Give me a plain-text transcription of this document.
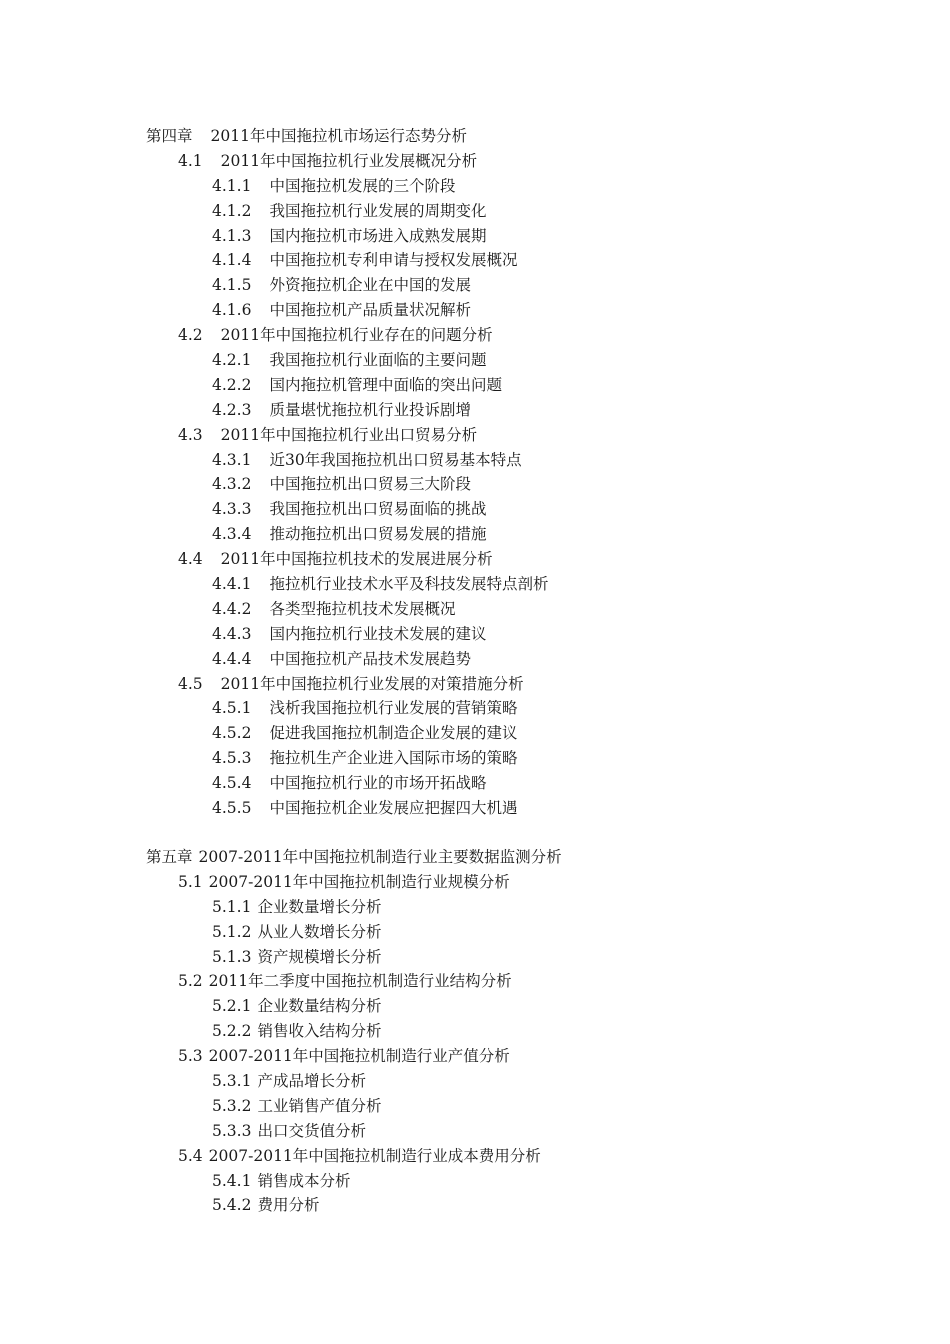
第四章 2011年中国拖拉机市场运行态势分析
4.1 2011年中国拖拉机行业发展概况分析
4.1.1 中国拖拉机发展的三个阶段
4.1.2 我国拖拉机行业发展的周期变化
4.1.3 国内拖拉机市场进入成熟发展期
4.1.4 中国拖拉机专利申请与授权发展概况
4.1.5 外资拖拉机企业在中国的发展
4.1.6 中国拖拉机产品质量状况解析
4.2 2011年中国拖拉机行业存在的问题分析
4.2.1 我国拖拉机行业面临的主要问题
4.2.2 国内拖拉机管理中面临的突出问题
4.2.3 质量堪忧拖拉机行业投诉剧增
4.3 2011年中国拖拉机行业出口贸易分析
4.3.1 近30年我国拖拉机出口贸易基本特点
4.3.2 中国拖拉机出口贸易三大阶段
4.3.3 我国拖拉机出口贸易面临的挑战
4.3.4 推动拖拉机出口贸易发展的措施
4.4 2011年中国拖拉机技术的发展进展分析
4.4.1 拖拉机行业技术水平及科技发展特点剖析
4.4.2 各类型拖拉机技术发展概况
4.4.3 国内拖拉机行业技术发展的建议
4.4.4 中国拖拉机产品技术发展趋势
4.5 2011年中国拖拉机行业发展的对策措施分析
4.5.1 浅析我国拖拉机行业发展的营销策略
4.5.2 促进我国拖拉机制造企业发展的建议
4.5.3 拖拉机生产企业进入国际市场的策略
4.5.4 中国拖拉机行业的市场开拓战略
4.5.5 中国拖拉机企业发展应把握四大机遇
第五章 2007-2011年中国拖拉机制造行业主要数据监测分析
5.1 2007-2011年中国拖拉机制造行业规模分析
5.1.1 企业数量增长分析
5.1.2 从业人数增长分析
5.1.3 资产规模增长分析
5.2 2011年二季度中国拖拉机制造行业结构分析
5.2.1 企业数量结构分析
5.2.2 销售收入结构分析
5.3 2007-2011年中国拖拉机制造行业产值分析
5.3.1 产成品增长分析
5.3.2 工业销售产值分析
5.3.3 出口交货值分析
5.4 2007-2011年中国拖拉机制造行业成本费用分析
5.4.1 销售成本分析
5.4.2 费用分析
